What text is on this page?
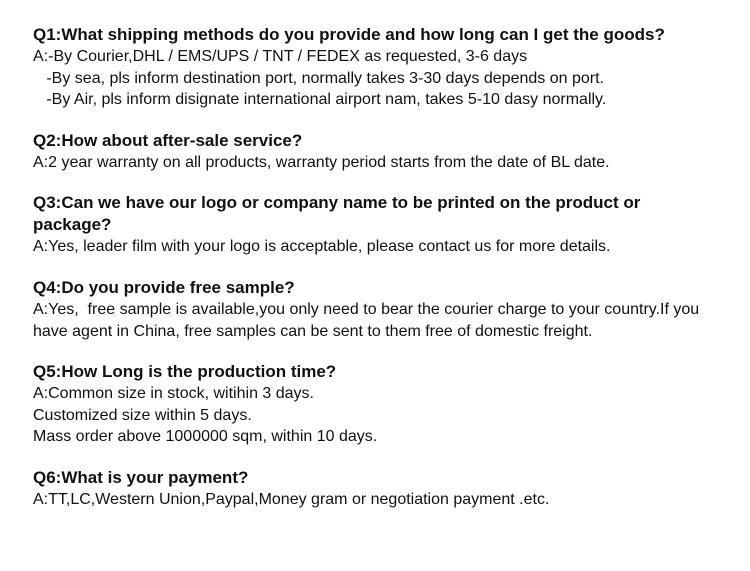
Q1:What shipping methods do you provide and how long can I get the goods?

A:-By Courier,DHL / EMS/UPS / TNT / FEDEX as requested, 3-6 days

-By sea, pls inform destination port, normally takes 3-30 days depends on port.

-By Air, pls inform disignate international airport nam, takes 5-10 dasy normally.

Q2:How about after-sale service?

A:2 year warranty on all products, warranty period starts from the date of BL date.

Q3:Can we have our logo or company name to be printed on the product or package?

A:Yes, leader film with your logo is acceptable, please contact us for more details.

Q4:Do you provide free sample?

A:Yes,  free sample is available,you only need to bear the courier charge to your country.If you have agent in China, free samples can be sent to them free of domestic freight.

Q5:How Long is the production time?

A:Common size in stock, witihin 3 days.

Customized size within 5 days.

Mass order above 1000000 sqm, within 10 days.

Q6:What is your payment?

A:TT,LC,Western Union,Paypal,Money gram or negotiation payment .etc.
